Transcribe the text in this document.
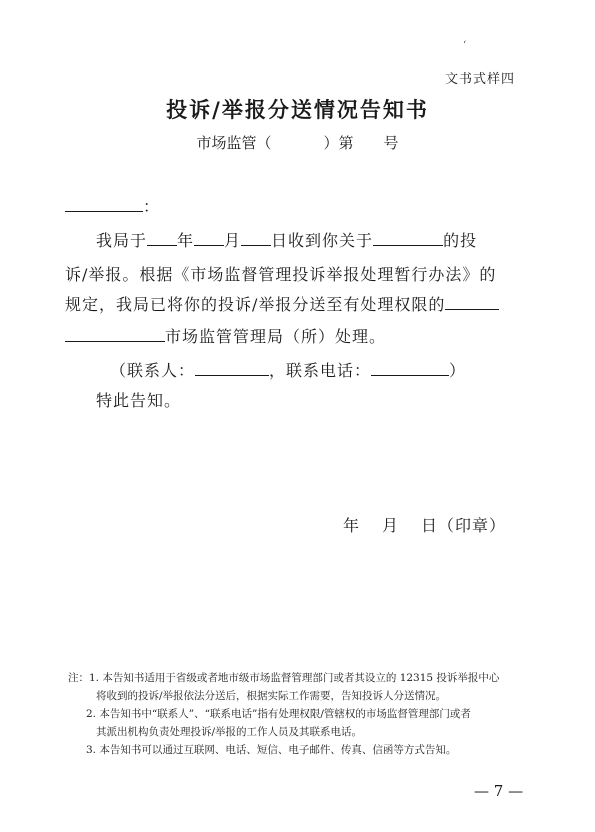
‘
文书式样四
投诉/举报分送情况告知书
市场监管（	）第 号
：
我局于 年 月 日收到你关于	的投
诉/举报。根据《市场监督管理投诉举报处理暂行办法》的
规定，我局已将你的投诉/举报分送至有处理权限的
市场监管管理局（所）处理。
（联系人：	，联系电话：	）
特此告知。
年 月 日（印章）
注：1. 本告知书适用于省级或者地市级市场监督管理部门或者其设立的 12315 投诉举报中心
将收到的投诉/举报依法分送后，根据实际工作需要，告知投诉人分送情况。
2. 本告知书中“联系人”、“联系电话”指有处理权限/管辖权的市场监督管理部门或者
其派出机构负责处理投诉/举报的工作人员及其联系电话。
3. 本告知书可以通过互联网、电话、短信、电子邮件、传真、信函等方式告知。
— 7 —
